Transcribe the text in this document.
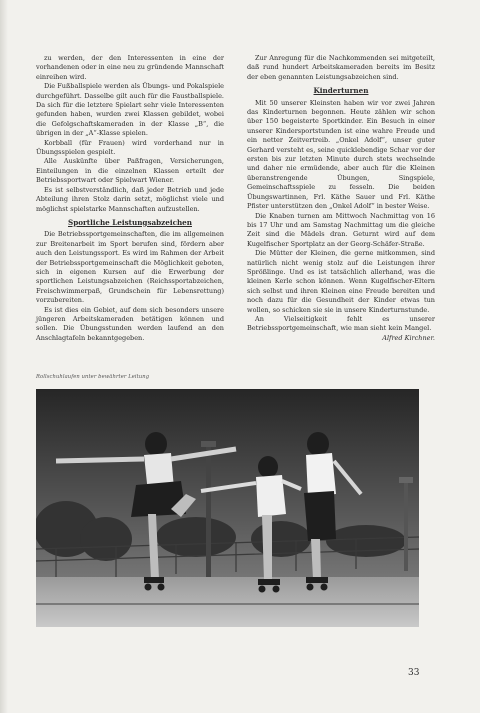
zu werden, der den Interessenten in eine der vorhandenen oder in eine neu zu gründende Mannschaft einreihen wird.

Die Fußballspiele werden als Übungs- und Pokalspiele durchgeführt. Dasselbe gilt auch für die Faustballspiele. Da sich für die letztere Spielart sehr viele Interessenten gefunden haben, wurden zwei Klassen gebildet, wobei die Gefolgschaftskameraden in der Klasse „B“, die übrigen in der „A“-Klasse spielen.

Korbball (für Frauen) wird vorderhand nur in Übungsspielen gespielt.

Alle Auskünfte über Paßfragen, Versicherungen, Einteilungen in die einzelnen Klassen erteilt der Betriebssportwart oder Spielwart Wiener.

Es ist selbstverständlich, daß jeder Betrieb und jede Abteilung ihren Stolz darin setzt, möglichst viele und möglichst spielstarke Mannschaften aufzustellen.

Sportliche Leistungsabzeichen

Die Betriebssportgemeinschaften, die im allgemeinen zur Breitenarbeit im Sport berufen sind, fördern aber auch den Leistungssport. Es wird im Rahmen der Arbeit der Betriebssportgemeinschaft die Möglichkeit geboten, sich in eigenen Kursen auf die Erwerbung der sportlichen Leistungsabzeichen (Reichssportabzeichen, Freischwimmerpaß, Grundschein für Lebensrettung) vorzubereiten.

Es ist dies ein Gebiet, auf dem sich besonders unsere jüngeren Arbeitskameraden betätigen können und sollen. Die Übungsstunden werden laufend an den Anschlagtafeln bekanntgegeben.

Zur Anregung für die Nachkommenden sei mitgeteilt, daß rund hundert Arbeitskameraden bereits im Besitz der eben genannten Leistungsabzeichen sind.

Kinderturnen

Mit 50 unserer Kleinsten haben wir vor zwei Jahren das Kinderturnen begonnen. Heute zählen wir schon über 150 begeisterte Sportkinder. Ein Besuch in einer unserer Kindersportstunden ist eine wahre Freude und ein netter Zeitvertreib. „Onkel Adolf“, unser guter Gerhard versteht es, seine quicklebendige Schar vor der ersten bis zur letzten Minute durch stets wechselnde und daher nie ermüdende, aber auch für die Kleinen überanstrengende Übungen, Singspiele, Gemeinschaftsspiele zu fesseln. Die beiden Übungswartinnen, Frl. Käthe Sauer und Frl. Käthe Pfister unterstützen den „Onkel Adolf“ in bester Weise.

Die Knaben turnen am Mittwoch Nachmittag von 16 bis 17 Uhr und am Samstag Nachmittag um die gleiche Zeit sind die Mädels dran. Geturnt wird auf dem Kugelfischer Sportplatz an der Georg-Schäfer-Straße.

Die Mütter der Kleinen, die gerne mitkommen, sind natürlich nicht wenig stolz auf die Leistungen ihrer Sprößlinge. Und es ist tatsächlich allerhand, was die kleinen Kerle schon können. Wenn Kugelfischer-Eltern sich selbst und ihren Kleinen eine Freude bereiten und noch dazu für die Gesundheit der Kinder etwas tun wollen, so schicken sie sie in unsere Kinderturnstunde.

An Vielseitigkeit fehlt es unserer Betriebssportgemeinschaft, wie man sieht kein Mangel.

Alfred Kirchner.

Rollschuhlaufen unter bewährter Leitung
33
